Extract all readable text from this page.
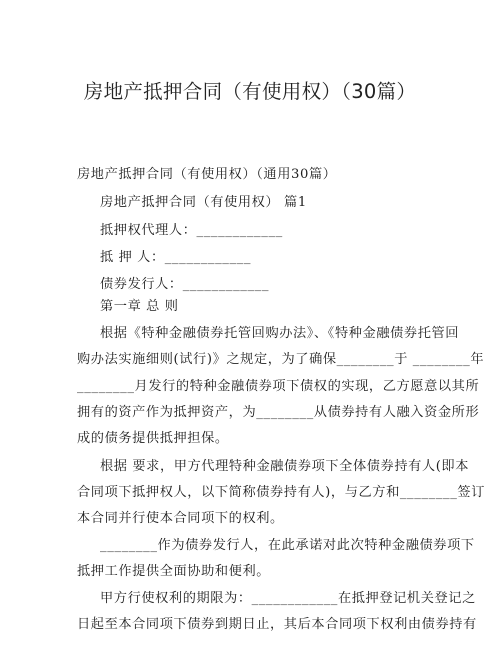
房地产抵押合同（有使用权）（30篇）
房地产抵押合同（有使用权）（通用30篇）
房地产抵押合同（有使用权） 篇1
抵押权代理人：____________
抵 押 人：____________
债券发行人：____________
第一章 总 则
根据《特种金融债券托管回购办法》、《特种金融债券托管回
购办法实施细则(试行)》之规定，为了确保________于 ________年
________月发行的特种金融债券项下债权的实现，乙方愿意以其所
拥有的资产作为抵押资产，为________从债券持有人融入资金所形
成的债务提供抵押担保。
根据 要求，甲方代理特种金融债券项下全体债券持有人(即本
合同项下抵押权人，以下简称债券持有人)，与乙方和________签订
本合同并行使本合同项下的权利。
________作为债券发行人，在此承诺对此次特种金融债券项下
抵押工作提供全面协助和便利。
甲方行使权利的期限为：____________在抵押登记机关登记之
日起至本合同项下债券到期日止，其后本合同项下权利由债券持有
